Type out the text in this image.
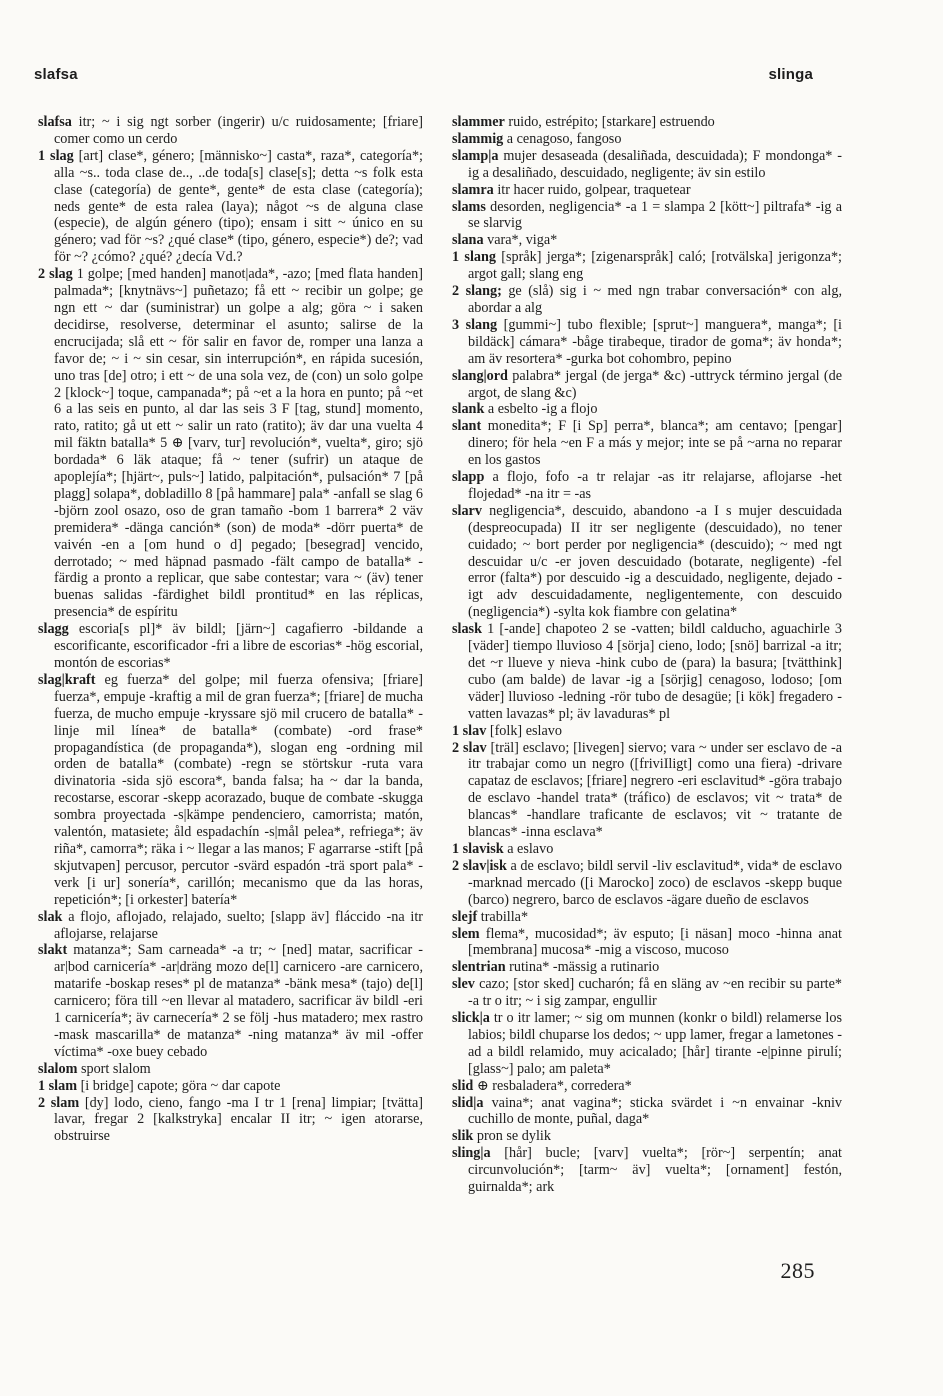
slafsa	slinga

slafsa itr; ~ i sig ngt sorber (ingerir) u/c ruidosamente; [friare] comer como un cerdo

1 slag [art] clase*, género; [människo~] casta*, raza*, categoría*; alla ~s.. toda clase de.., ..de toda[s] clase[s]; detta ~s folk esta clase (categoría) de gente*, gente* de esta clase (categoría); neds gente* de esta ralea (laya); något ~s de alguna clase (especie), de algún género (tipo); ensam i sitt ~ único en su género; vad för ~s? ¿qué clase* (tipo, género, especie*) de?; vad för ~? ¿cómo? ¿qué? ¿decía Vd.?

2 slag 1 golpe; [med handen] manot|ada*, -azo; [med flata handen] palmada*; [knytnävs~] puñetazo; få ett ~ recibir un golpe; ge ngn ett ~ dar (suministrar) un golpe a alg; göra ~ i saken decidirse, resolverse, determinar el asunto; salirse de la encrucijada; slå ett ~ för salir en favor de, romper una lanza a favor de; ~ i ~ sin cesar, sin interrupción*, en rápida sucesión, uno tras [de] otro; i ett ~ de una sola vez, de (con) un solo golpe 2 [klock~] toque, campanada*; på ~et a la hora en punto; på ~et 6 a las seis en punto, al dar las seis 3 F [tag, stund] momento, rato, ratito; gå ut ett ~ salir un rato (ratito); äv dar una vuelta 4 mil fäktn batalla* 5 ⊕ [varv, tur] revolución*, vuelta*, giro; sjö bordada* 6 läk ataque; få ~ tener (sufrir) un ataque de apoplejía*; [hjärt~, puls~] latido, palpitación*, pulsación* 7 [på plagg] solapa*, dobladillo 8 [på hammare] pala* -anfall se slag 6 -björn zool osazo, oso de gran tamaño -bom 1 barrera* 2 väv premidera* -dänga canción* (son) de moda* -dörr puerta* de vaivén -en a [om hund o d] pegado; [besegrad] vencido, derrotado; ~ med häpnad pasmado -fält campo de batalla* -färdig a pronto a replicar, que sabe contestar; vara ~ (äv) tener buenas salidas -färdighet bildl prontitud* en las réplicas, presencia* de espíritu

slagg escoria[s pl]* äv bildl; [järn~] cagafierro -bildande a escorificante, escorificador -fri a libre de escorias* -hög escorial, montón de escorias*

slag|kraft eg fuerza* del golpe; mil fuerza ofensiva; [friare] fuerza*, empuje -kraftig a mil de gran fuerza*; [friare] de mucha fuerza, de mucho empuje -kryssare sjö mil crucero de batalla* -linje mil línea* de batalla* (combate) -ord frase* propagandística (de propaganda*), slogan eng -ordning mil orden de batalla* (combate) -regn se störtskur -ruta vara divinatoria -sida sjö escora*, banda falsa; ha ~ dar la banda, recostarse, escorar -skepp acorazado, buque de combate -skugga sombra proyectada -s|kämpe pendenciero, camorrista; matón, valentón, matasiete; åld espadachín -s|mål pelea*, refriega*; äv riña*, camorra*; räka i ~ llegar a las manos; F agarrarse -stift [på skjutvapen] percusor, percutor -svärd espadón -trä sport pala* -verk [i ur] sonería*, carillón; mecanismo que da las horas, repetición*; [i orkester] batería*

slak a flojo, aflojado, relajado, suelto; [slapp äv] fláccido -na itr aflojarse, relajarse

slakt matanza*; Sam carneada* -a tr; ~ [ned] matar, sacrificar -ar|bod carnicería* -ar|dräng mozo de[l] carnicero -are carnicero, matarife -boskap reses* pl de matanza* -bänk mesa* (tajo) de[l] carnicero; föra till ~en llevar al matadero, sacrificar äv bildl -eri 1 carnicería*; äv carnecería* 2 se följ -hus matadero; mex rastro -mask mascarilla* de matanza* -ning matanza* äv mil -offer víctima* -oxe buey cebado

slalom sport slalom

1 slam [i bridge] capote; göra ~ dar capote

2 slam [dy] lodo, cieno, fango -ma I tr 1 [rena] limpiar; [tvätta] lavar, fregar 2 [kalkstryka] encalar II itr; ~ igen atorarse, obstruirse

slammer ruido, estrépito; [starkare] estruendo

slammig a cenagoso, fangoso

slamp|a mujer desaseada (desaliñada, descuidada); F mondonga* -ig a desaliñado, descuidado, negligente; äv sin estilo

slamra itr hacer ruido, golpear, traquetear

slams desorden, negligencia* -a 1 = slampa 2 [kött~] piltrafa* -ig a se slarvig

slana vara*, viga*

1 slang [språk] jerga*; [zigenarspråk] caló; [rotvälska] jerigonza*; argot gall; slang eng

2 slang; ge (slå) sig i ~ med ngn trabar conversación* con alg, abordar a alg

3 slang [gummi~] tubo flexible; [sprut~] manguera*, manga*; [i bildäck] cámara* -båge tirabeque, tirador de goma*; äv honda*; am äv resortera* -gurka bot cohombro, pepino

slang|ord palabra* jergal (de jerga* &c) -uttryck término jergal (de argot, de slang &c)

slank a esbelto -ig a flojo

slant monedita*; F [i Sp] perra*, blanca*; am centavo; [pengar] dinero; för hela ~en F a más y mejor; inte se på ~arna no reparar en los gastos

slapp a flojo, fofo -a tr relajar -as itr relajarse, aflojarse -het flojedad* -na itr = -as

slarv negligencia*, descuido, abandono -a I s mujer descuidada (despreocupada) II itr ser negligente (descuidado), no tener cuidado; ~ bort perder por negligencia* (descuido); ~ med ngt descuidar u/c -er joven descuidado (botarate, negligente) -fel error (falta*) por descuido -ig a descuidado, negligente, dejado -igt adv descuidadamente, negligentemente, con descuido (negligencia*) -sylta kok fiambre con gelatina*

slask 1 [-ande] chapoteo 2 se -vatten; bildl calducho, aguachirle 3 [väder] tiempo lluvioso 4 [sörja] cieno, lodo; [snö] barrizal -a itr; det ~r llueve y nieva -hink cubo de (para) la basura; [tvätthink] cubo (am balde) de lavar -ig a [sörjig] cenagoso, lodoso; [om väder] lluvioso -ledning -rör tubo de desagüe; [i kök] fregadero -vatten lavazas* pl; äv lavaduras* pl

1 slav [folk] eslavo

2 slav [träl] esclavo; [livegen] siervo; vara ~ under ser esclavo de -a itr trabajar como un negro ([friviIligt] como una fiera) -drivare capataz de esclavos; [friare] negrero -eri esclavitud* -göra trabajo de esclavo -handel trata* (tráfico) de esclavos; vit ~ trata* de blancas* -handlare traficante de esclavos; vit ~ tratante de blancas* -inna esclava*

1 slavisk a eslavo

2 slav|isk a de esclavo; bildl servil -liv esclavitud*, vida* de esclavo -marknad mercado ([i Marocko] zoco) de esclavos -skepp buque (barco) negrero, barco de esclavos -ägare dueño de esclavos

slejf trabilla*

slem flema*, mucosidad*; äv esputo; [i näsan] moco -hinna anat [membrana] mucosa* -mig a viscoso, mucoso

slentrian rutina* -mässig a rutinario

slev cazo; [stor sked] cucharón; få en släng av ~en recibir su parte* -a tr o itr; ~ i sig zampar, engullir

slick|a tr o itr lamer; ~ sig om munnen (konkr o bildl) relamerse los labios; bildl chuparse los dedos; ~ upp lamer, fregar a lametones -ad a bildl relamido, muy acicalado; [hår] tirante -e|pinne pirulí; [glass~] palo; am paleta*

slid ⊕ resbaladera*, corredera*

slid|a vaina*; anat vagina*; sticka svärdet i ~n envainar -kniv cuchillo de monte, puñal, daga*

slik pron se dylik

sling|a [hår] bucle; [varv] vuelta*; [rör~] serpentín; anat circunvolución*; [tarm~ äv] vuelta*; [ornament] festón, guirnalda*; ark

285
